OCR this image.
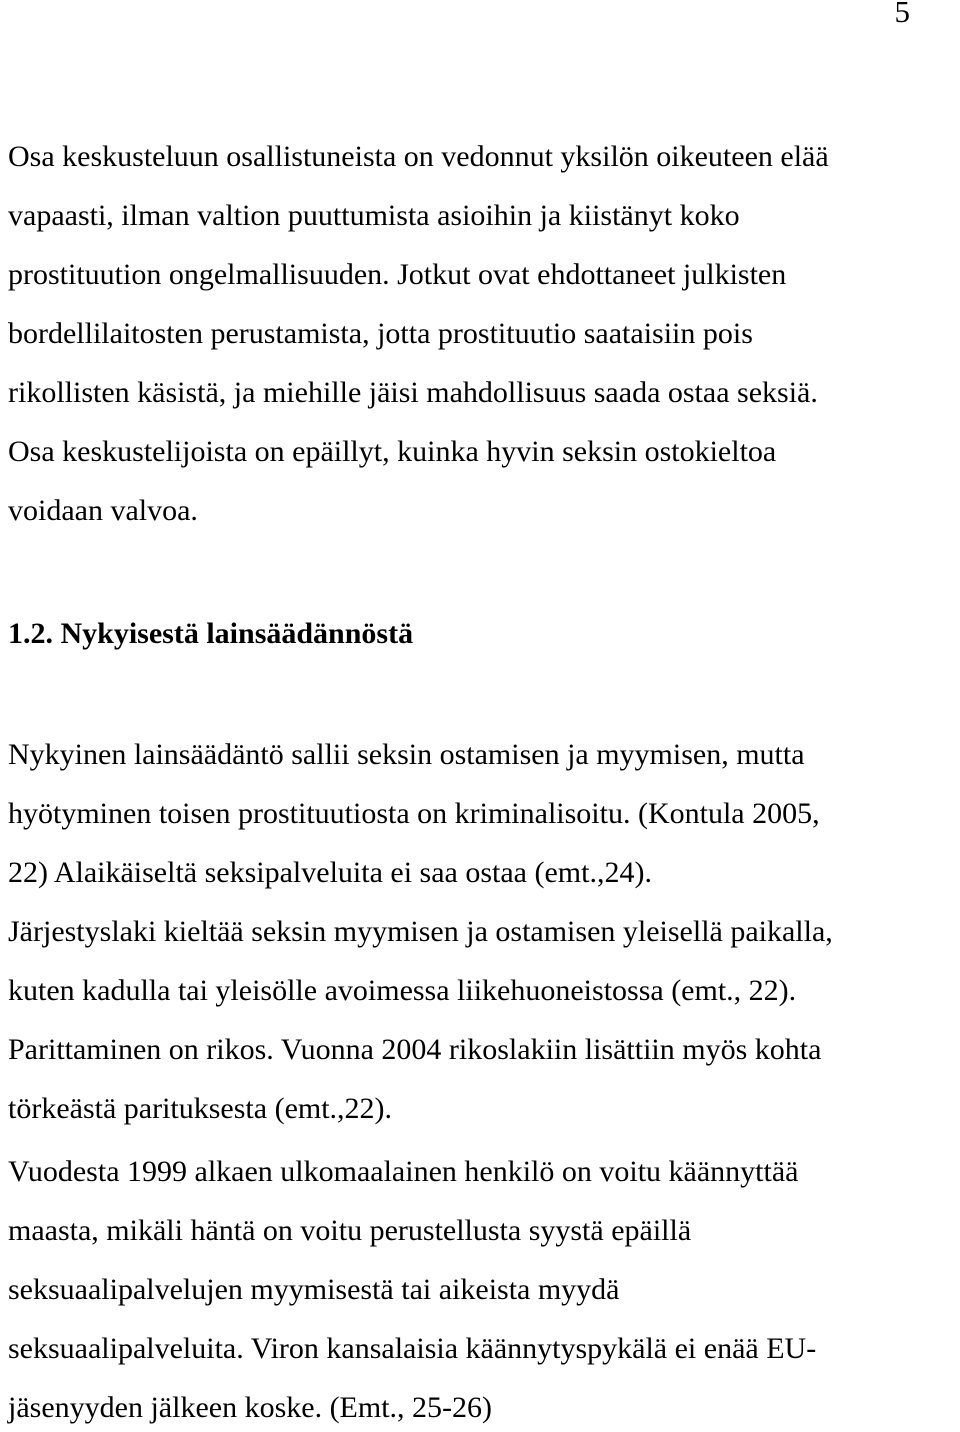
5
Osa keskusteluun osallistuneista on vedonnut yksilön oikeuteen elää
vapaasti, ilman valtion puuttumista asioihin ja kiistänyt koko
prostituution ongelmallisuuden. Jotkut ovat ehdottaneet julkisten
bordellilaitosten perustamista, jotta prostituutio saataisiin pois
rikollisten käsistä, ja miehille jäisi mahdollisuus saada ostaa seksiä.
Osa keskustelijoista on epäillyt, kuinka hyvin seksin ostokieltoa
voidaan valvoa.
1.2. Nykyisestä lainsäädännöstä
Nykyinen lainsäädäntö sallii seksin ostamisen ja myymisen, mutta
hyötyminen toisen prostituutiosta on kriminalisoitu. (Kontula 2005,
22) Alaikäiseltä seksipalveluita ei saa ostaa (emt.,24).
Järjestyslaki kieltää seksin myymisen ja ostamisen yleisellä paikalla,
kuten kadulla tai yleisölle avoimessa liikehuoneistossa (emt., 22).
Parittaminen on rikos. Vuonna 2004 rikoslakiin lisättiin myös kohta
törkeästä parituksesta (emt.,22).
Vuodesta 1999 alkaen ulkomaalainen henkilö on voitu käännyttää
maasta, mikäli häntä on voitu perustellusta syystä epäillä
seksuaalipalvelujen myymisestä tai aikeista myydä
seksuaalipalveluita. Viron kansalaisia käännytyspykälä ei enää EU-
jäsenyyden jälkeen koske. (Emt., 25-26)
